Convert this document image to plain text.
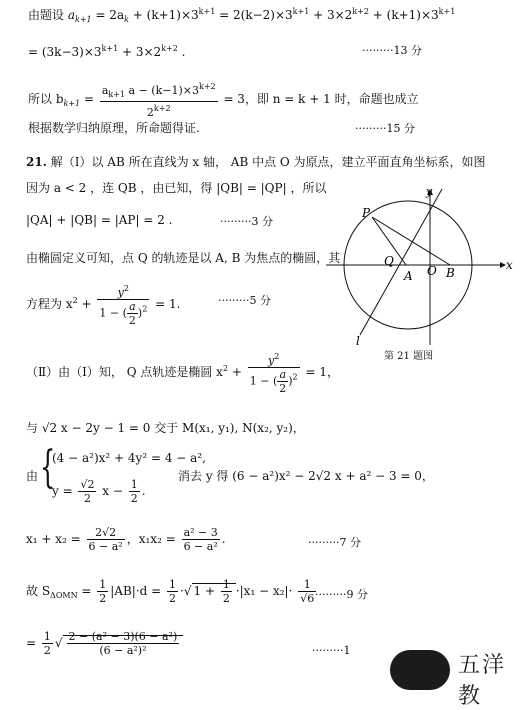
由题设 $a_{k+1} = 2a_k + (k+1)\times 3^{k+1} = 2(k-2)\times 3^{k+1} + 3\times 2^{k+2} + (k+1)\times 3^{k+1}$
= $(3k-3)\times 3^{k+1} + 3\times 2^{k+2}$ .	·········13 分
所以 $b_{k+1} = \frac{a_{k+1} a - (k-1)\times 3^{k+2}}{2^{k+2}} = 3$，即 n = k + 1 时，命题也成立
根据数学归纳原理，所命题得证.	·········15 分
21. 解（Ⅰ）以 AB 所在直线为 x 轴， AB 中点 O 为原点，建立平面直角坐标系，如图
因为 a < 2 ，连 QB ，由已知，得 |QB| = |QP| ，所以
|QA| + |QB| = |AP| = 2 .	·········3 分
由椭圆定义可知，点 Q 的轨迹是以 A, B 为焦点的椭圆，其
方程为 $x^2 + \frac{y^2}{1 - ( \frac{a}{2} )^2} = 1$.	·········5 分
（Ⅱ）由（Ⅰ）知， Q 点轨迹是椭圆 $x^2 + \frac{y^2}{1 - ( \frac{a}{2} )^2} = 1$，
与 √2 x − 2y − 1 = 0 交于 M(x₁, y₁), N(x₂, y₂)，
由 {
(4 − a²)x² + 4y² = 4 − a²,
$y = \frac{√2}{2}$ $x - \frac{1}{2}$ .
消去 y 得 (6 − a²)x² − 2√2 x + a² − 3 = 0，
$x_1 + x_2 = \frac{2√2}{\text{6 − a²}}$ ，$x_1x_2 = \frac{\text{a² − 3}}{\text{6 − a²}}$ .	·········7 分
故 $S_{\Delta OMN} = \frac{1}{2} |AB|\cdot d = \frac{1}{2}$ ·√ $1 + \frac{1}{2} \cdot|x_1 - x_2|\cdot \frac{1}{√6}$
·········9 分
= $\frac{1}{2}$ √ $\frac{\text{2 − (a² − 3)(6 − a²)}}{\text{(6 − a²)²}}$	·········1
P
y
Q
A O B
x
l
第 21 题图
五洋教
